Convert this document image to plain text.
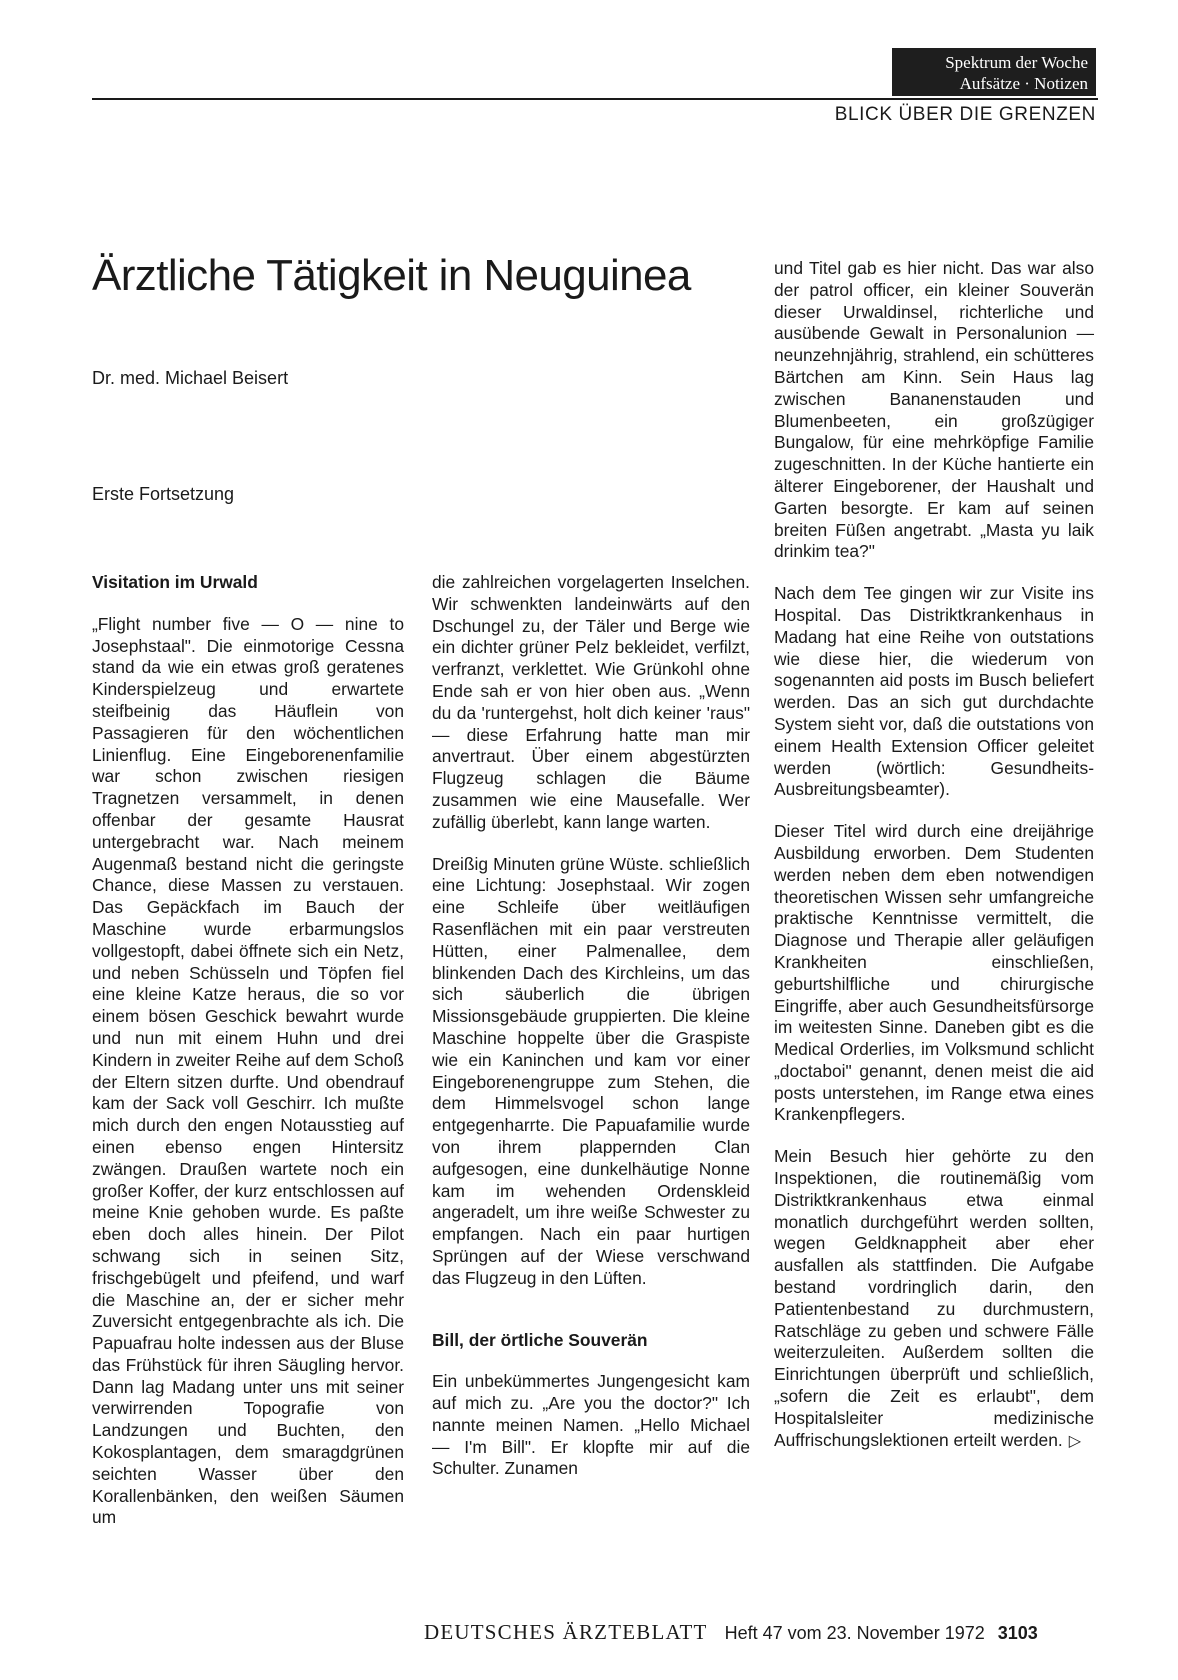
Spektrum der Woche
Aufsätze · Notizen
BLICK ÜBER DIE GRENZEN
Ärztliche Tätigkeit in Neuguinea
Dr. med. Michael Beisert
Erste Fortsetzung

Visitation im Urwald

„Flight number five — O — nine to Josephstaal". Die einmotorige Cessna stand da wie ein etwas groß geratenes Kinderspielzeug und erwartete steifbeinig das Häuflein von Passagieren für den wöchentlichen Linienflug. Eine Eingeborenenfamilie war schon zwischen riesigen Tragnetzen versammelt, in denen offenbar der gesamte Hausrat untergebracht war. Nach meinem Augenmaß bestand nicht die geringste Chance, diese Massen zu verstauen. Das Gepäckfach im Bauch der Maschine wurde erbarmungslos vollgestopft, dabei öffnete sich ein Netz, und neben Schüsseln und Töpfen fiel eine kleine Katze heraus, die so vor einem bösen Geschick bewahrt wurde und nun mit einem Huhn und drei Kindern in zweiter Reihe auf dem Schoß der Eltern sitzen durfte. Und obendrauf kam der Sack voll Geschirr. Ich mußte mich durch den engen Notausstieg auf einen ebenso engen Hintersitz zwängen. Draußen wartete noch ein großer Koffer, der kurz entschlossen auf meine Knie gehoben wurde. Es paßte eben doch alles hinein. Der Pilot schwang sich in seinen Sitz, frischgebügelt und pfeifend, und warf die Maschine an, der er sicher mehr Zuversicht entgegenbrachte als ich. Die Papuafrau holte indessen aus der Bluse das Frühstück für ihren Säugling hervor. Dann lag Madang unter uns mit seiner verwirrenden Topografie von Landzungen und Buchten, den Kokosplantagen, dem smaragdgrünen seichten Wasser über den Korallenbänken, den weißen Säumen um

die zahlreichen vorgelagerten Inselchen. Wir schwenkten landeinwärts auf den Dschungel zu, der Täler und Berge wie ein dichter grüner Pelz bekleidet, verfilzt, verfranzt, verklettet. Wie Grünkohl ohne Ende sah er von hier oben aus. „Wenn du da 'runtergehst, holt dich keiner 'raus" — diese Erfahrung hatte man mir anvertraut. Über einem abgestürzten Flugzeug schlagen die Bäume zusammen wie eine Mausefalle. Wer zufällig überlebt, kann lange warten.

Dreißig Minuten grüne Wüste. schließlich eine Lichtung: Josephstaal. Wir zogen eine Schleife über weitläufigen Rasenflächen mit ein paar verstreuten Hütten, einer Palmenallee, dem blinkenden Dach des Kirchleins, um das sich säuberlich die übrigen Missionsgebäude gruppierten. Die kleine Maschine hoppelte über die Graspiste wie ein Kaninchen und kam vor einer Eingeborenengruppe zum Stehen, die dem Himmelsvogel schon lange entgegenharrte. Die Papuafamilie wurde von ihrem plappernden Clan aufgesogen, eine dunkelhäutige Nonne kam im wehenden Ordenskleid angeradelt, um ihre weiße Schwester zu empfangen. Nach ein paar hurtigen Sprüngen auf der Wiese verschwand das Flugzeug in den Lüften.

Bill, der örtliche Souverän

Ein unbekümmertes Jungengesicht kam auf mich zu. „Are you the doctor?" Ich nannte meinen Namen. „Hello Michael — I'm Bill". Er klopfte mir auf die Schulter. Zunamen

und Titel gab es hier nicht. Das war also der patrol officer, ein kleiner Souverän dieser Urwaldinsel, richterliche und ausübende Gewalt in Personalunion — neunzehnjährig, strahlend, ein schütteres Bärtchen am Kinn. Sein Haus lag zwischen Bananenstauden und Blumenbeeten, ein großzügiger Bungalow, für eine mehrköpfige Familie zugeschnitten. In der Küche hantierte ein älterer Eingeborener, der Haushalt und Garten besorgte. Er kam auf seinen breiten Füßen angetrabt. „Masta yu laik drinkim tea?"

Nach dem Tee gingen wir zur Visite ins Hospital. Das Distriktkrankenhaus in Madang hat eine Reihe von outstations wie diese hier, die wiederum von sogenannten aid posts im Busch beliefert werden. Das an sich gut durchdachte System sieht vor, daß die outstations von einem Health Extension Officer geleitet werden (wörtlich: Gesundheits-Ausbreitungsbeamter).

Dieser Titel wird durch eine dreijährige Ausbildung erworben. Dem Studenten werden neben dem eben notwendigen theoretischen Wissen sehr umfangreiche praktische Kenntnisse vermittelt, die Diagnose und Therapie aller geläufigen Krankheiten einschließen, geburtshilfliche und chirurgische Eingriffe, aber auch Gesundheitsfürsorge im weitesten Sinne. Daneben gibt es die Medical Orderlies, im Volksmund schlicht „doctaboi" genannt, denen meist die aid posts unterstehen, im Range etwa eines Krankenpflegers.

Mein Besuch hier gehörte zu den Inspektionen, die routinemäßig vom Distriktkrankenhaus etwa einmal monatlich durchgeführt werden sollten, wegen Geldknappheit aber eher ausfallen als stattfinden. Die Aufgabe bestand vordringlich darin, den Patientenbestand zu durchmustern, Ratschläge zu geben und schwere Fälle weiterzuleiten. Außerdem sollten die Einrichtungen überprüft und schließlich, „sofern die Zeit es erlaubt", dem Hospitalsleiter medizinische Auffrischungslektionen erteilt werden. ▷

DEUTSCHES ÄRZTEBLATT Heft 47 vom 23. November 1972 3103
